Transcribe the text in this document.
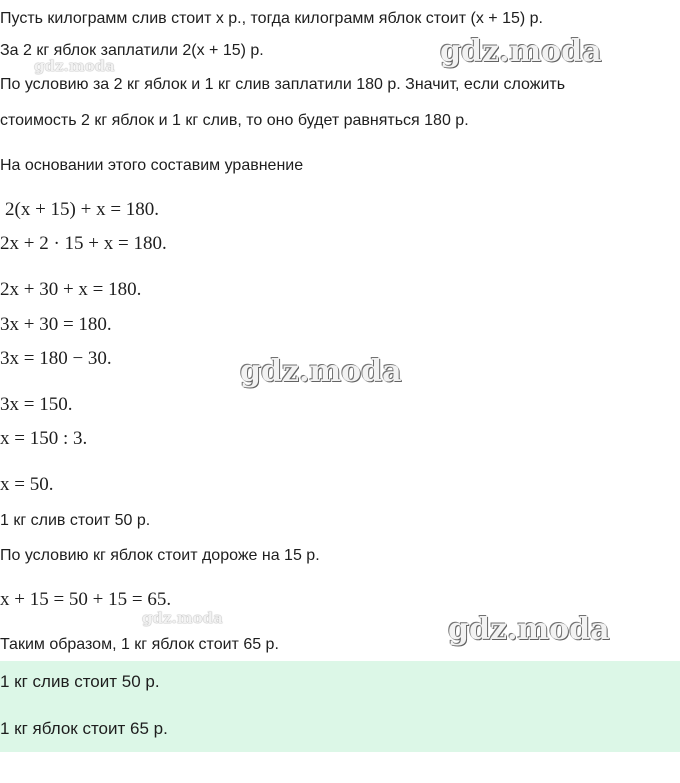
Пусть килограмм слив стоит x р., тогда килограмм яблок стоит (x + 15) р.
За 2 кг яблок заплатили 2(x + 15) р.
По условию за 2 кг яблок и 1 кг слив заплатили 180 р. Значит, если сложить
стоимость 2 кг яблок и 1 кг слив, то оно будет равняться 180 р.
На основании этого составим уравнение
2(x + 15) + x = 180.
2x + 2 · 15 + x = 180.
2x + 30 + x = 180.
3x + 30 = 180.
3x = 180 − 30.
3x = 150.
x = 150 : 3.
x = 50.
1 кг слив стоит 50 р.
По условию кг яблок стоит дороже на 15 р.
x + 15 = 50 + 15 = 65.
Таким образом, 1 кг яблок стоит 65 р.
1 кг слив стоит 50 р.
1 кг яблок стоит 65 р.
gdz.moda
gdz.moda
gdz.moda
gdz.moda	gdz.moda
